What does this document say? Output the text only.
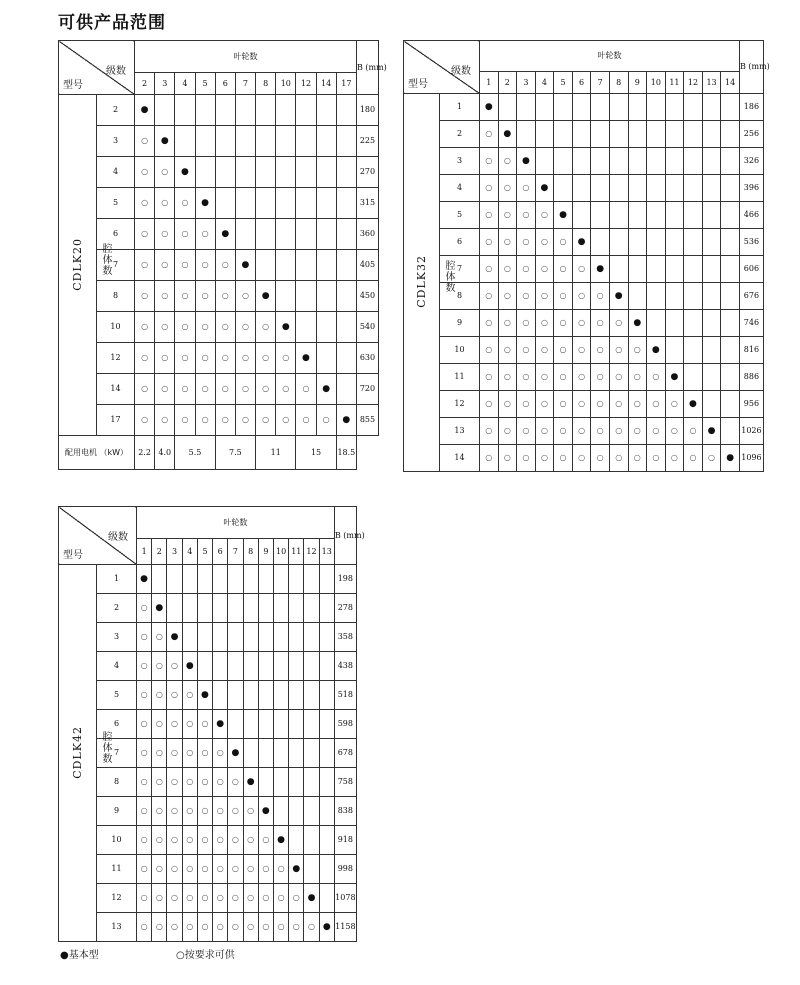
可供产品范围
级数
型号		叶轮数											B (mm)
		2	3	4	5	6	7	8	10	12	14	17	
CDLK20	2	●											180
	3	○	●										225
	4	○	○	●									270
	5	○	○	○	●								315
	6	○	○	○	○	●							360
	7	○	○	○	○	○	●						405
	8	○	○	○	○	○	○	●					450
	10	○	○	○	○	○	○	○	●				540
	12	○	○	○	○	○	○	○	○	●			630
	14	○	○	○	○	○	○	○	○	○	●		720
	17	○	○	○	○	○	○	○	○	○	○	●	855
配用电机 （kW）		2.2	4.0	5.5		7.5		11		15		18.5	
级数
型号		叶轮数														B (mm)
		1	2	3	4	5	6	7	8	9	10	11	12	13	14	
CDLK32	1	●														186
	2	○	●													256
	3	○	○	●												326
	4	○	○	○	●											396
	5	○	○	○	○	●										466
	6	○	○	○	○	○	●									536
	7	○	○	○	○	○	○	●								606
	8	○	○	○	○	○	○	○	●							676
	9	○	○	○	○	○	○	○	○	●						746
	10	○	○	○	○	○	○	○	○	○	●					816
	11	○	○	○	○	○	○	○	○	○	○	●				886
	12	○	○	○	○	○	○	○	○	○	○	○	●			956
	13	○	○	○	○	○	○	○	○	○	○	○	○	●		1026
	14	○	○	○	○	○	○	○	○	○	○	○	○	○	●	1096
级数
型号		叶轮数													B (mm)
		1	2	3	4	5	6	7	8	9	10	11	12	13	
CDLK42	1	●													198
	2	○	●												278
	3	○	○	●											358
	4	○	○	○	●										438
	5	○	○	○	○	●									518
	6	○	○	○	○	○	●								598
	7	○	○	○	○	○	○	●							678
	8	○	○	○	○	○	○	○	●						758
	9	○	○	○	○	○	○	○	○	●					838
	10	○	○	○	○	○	○	○	○	○	●				918
	11	○	○	○	○	○	○	○	○	○	○	●			998
	12	○	○	○	○	○	○	○	○	○	○	○	●		1078
	13	○	○	○	○	○	○	○	○	○	○	○	○	●	1158
●基本型	○按要求可供
腔体数
腔体数
腔体数
